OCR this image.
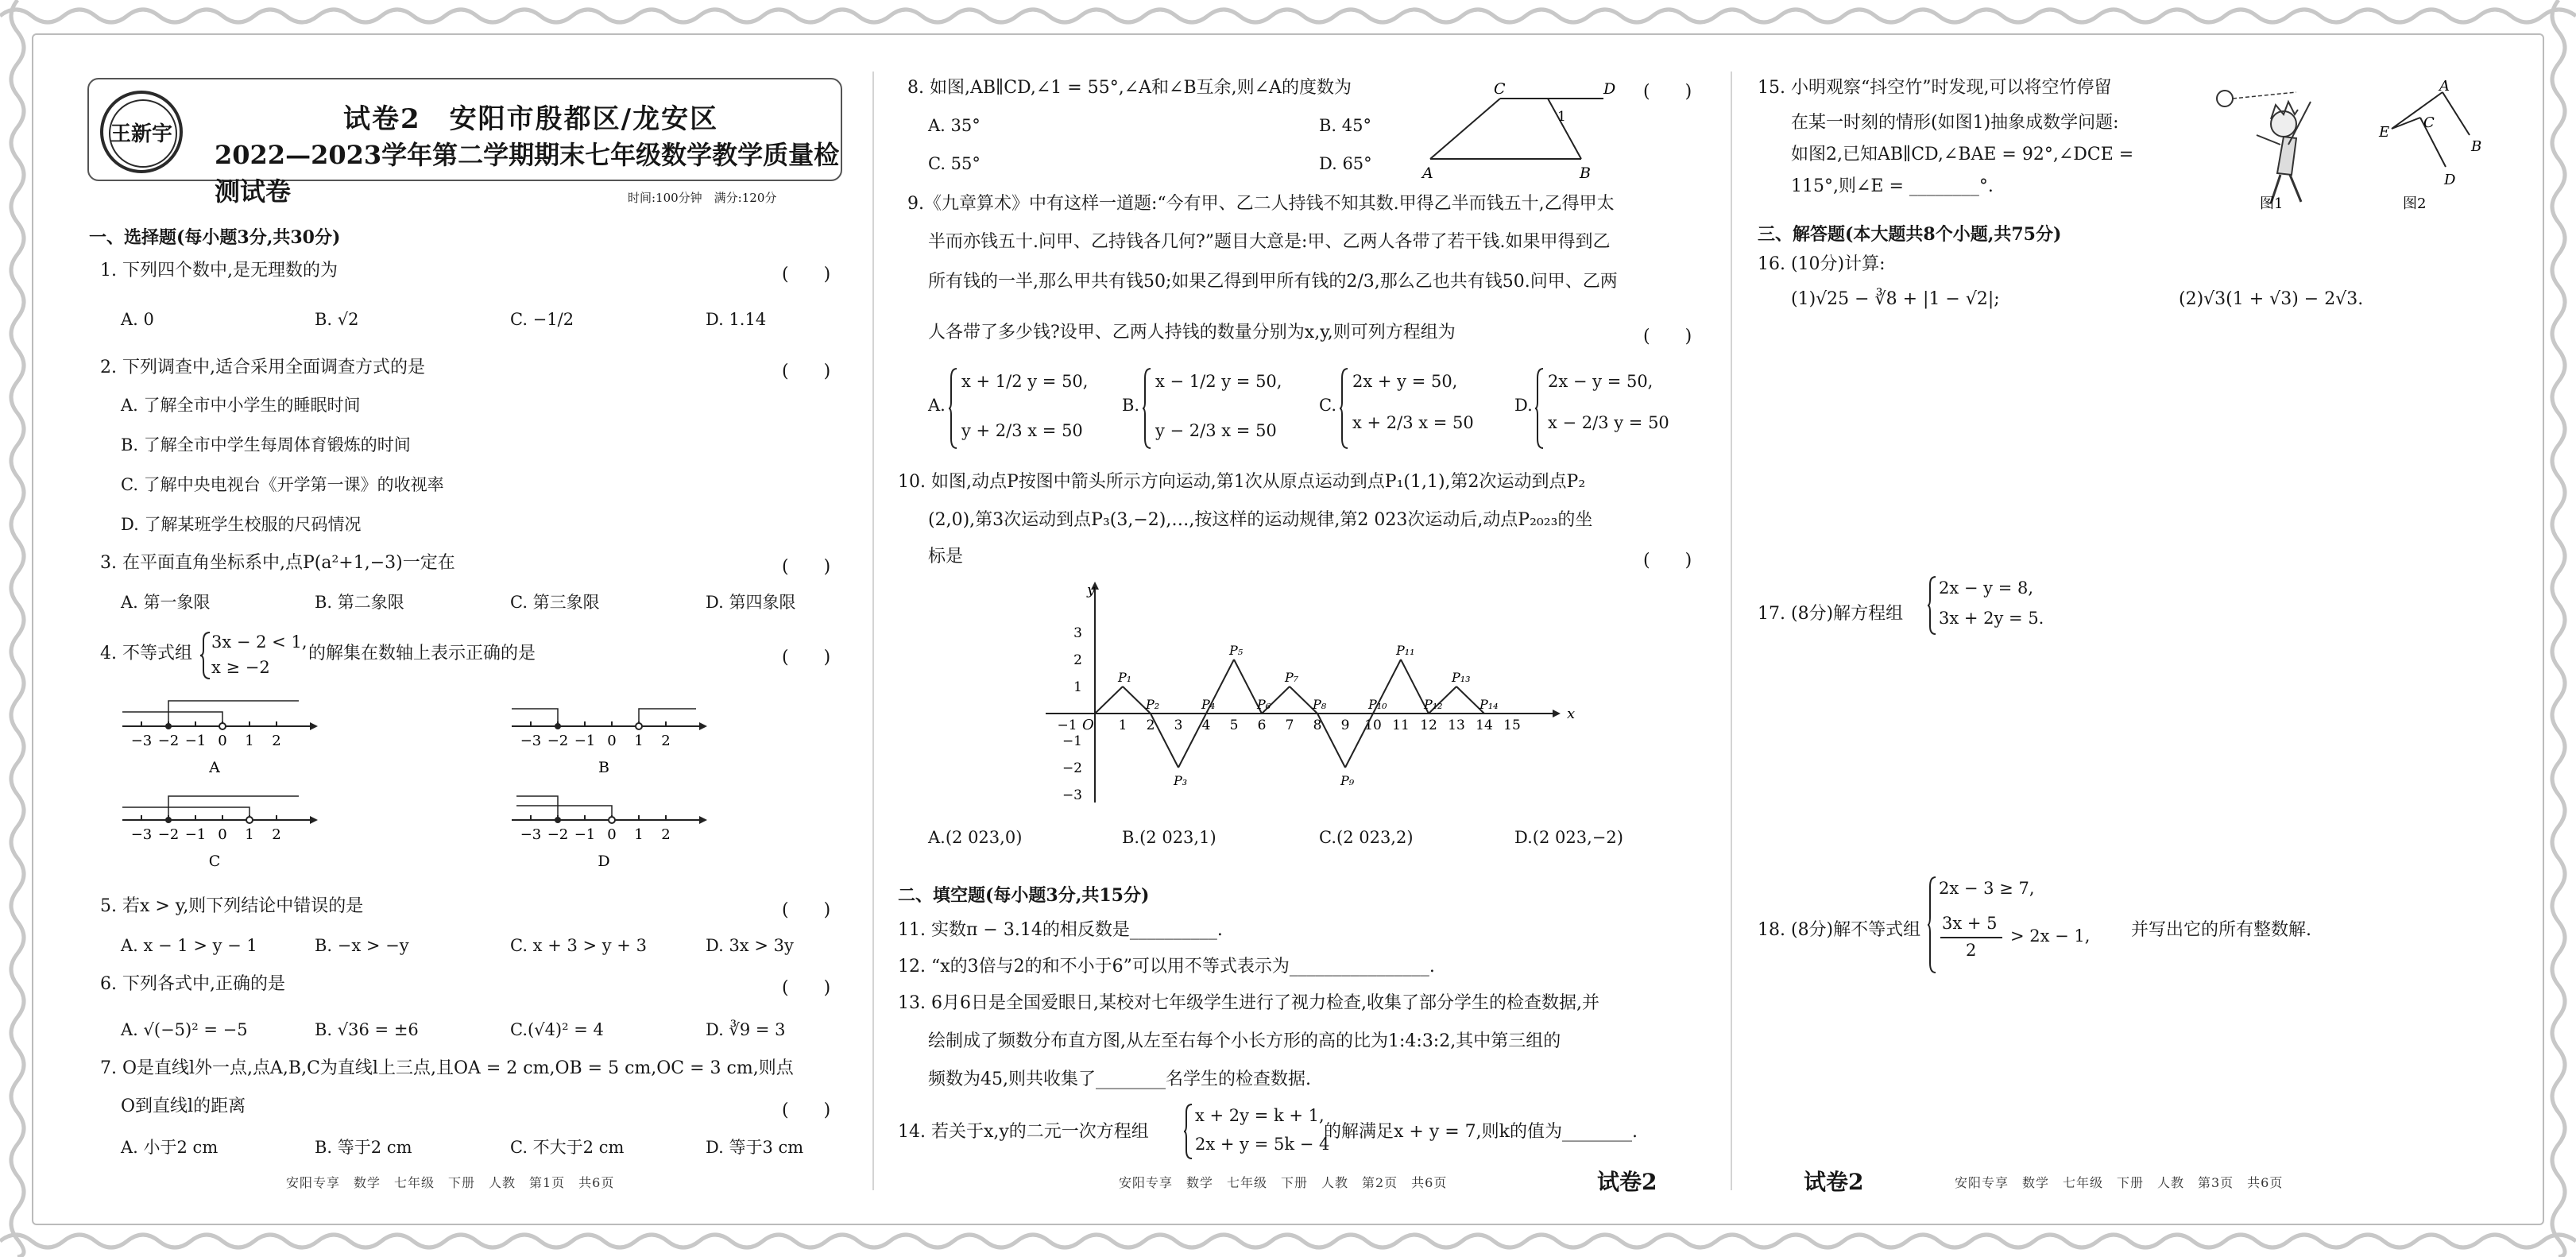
王新宇	试卷2　安阳市殷都区/龙安区
2022—2023学年第二学期期末七年级数学教学质量检测试卷	时间:100分钟　满分:120分
一、选择题(每小题3分,共30分)
1. 下列四个数中,是无理数的为	(　　)
A. 0	B. √2	C. −1/2	D. 1.14
2. 下列调查中,适合采用全面调查方式的是	(　　)
A. 了解全市中小学生的睡眠时间
B. 了解全市中学生每周体育锻炼的时间
C. 了解中央电视台《开学第一课》的收视率
D. 了解某班学生校服的尺码情况
3. 在平面直角坐标系中,点P(a²+1,−3)一定在	(　　)
A. 第一象限	B. 第二象限	C. 第三象限	D. 第四象限
4. 不等式组
3x − 2 < 1,
x ≥ −2
的解集在数轴上表示正确的是	(　　)
−3 −2 −1 0 1 2
A
−3 −2 −1 0 1 2
B
−3 −2 −1 0 1 2
C
−3 −2 −1 0 1 2
D
5. 若x > y,则下列结论中错误的是	(　　)
A. x − 1 > y − 1	B. −x > −y	C. x + 3 > y + 3	D. 3x > 3y
6. 下列各式中,正确的是	(　　)
A. √(−5)² = −5	B. √36 = ±6	C.(√4)² = 4	D. ∛9 = 3
7. O是直线l外一点,点A,B,C为直线l上三点,且OA = 2 cm,OB = 5 cm,OC = 3 cm,则点
O到直线l的距离	(　　)
A. 小于2 cm	B. 等于2 cm	C. 不大于2 cm	D. 等于3 cm
安阳专享　数学　七年级　下册　人教　第1页　共6页
8. 如图,AB∥CD,∠1 = 55°,∠A和∠B互余,则∠A的度数为	(　　)
A. 35°	B. 45°
C. 55°	D. 65°
C	D
1
A	B
9.《九章算术》中有这样一道题:“今有甲、乙二人持钱不知其数.甲得乙半而钱五十,乙得甲太
半而亦钱五十.问甲、乙持钱各几何?”题目大意是:甲、乙两人各带了若干钱.如果甲得到乙
所有钱的一半,那么甲共有钱50;如果乙得到甲所有钱的2/3,那么乙也共有钱50.问甲、乙两
人各带了多少钱?设甲、乙两人持钱的数量分别为x,y,则可列方程组为	(　　)
A.
x + 1/2 y = 50,
y + 2/3 x = 50
B.
x − 1/2 y = 50,
y − 2/3 x = 50
C.
2x + y = 50,
x + 2/3 x = 50
D.
2x − y = 50,
x − 2/3 y = 50
10. 如图,动点P按图中箭头所示方向运动,第1次从原点运动到点P₁(1,1),第2次运动到点P₂
(2,0),第3次运动到点P₃(3,−2),…,按这样的运动规律,第2 023次运动后,动点P₂₀₂₃的坐
标是	(　　)
x
y
O
−1	1 2 3 4 5 6 7 8 9 10 11 12 13 14 15
−3
−2
−1
1
2
3
P₁
P₂
P₃
P₄
P₅
P₆
P₇
P₈
P₉
P₁₀
P₁₁
P₁₂
P₁₃
P₁₄
A.(2 023,0)	B.(2 023,1)	C.(2 023,2)	D.(2 023,−2)
二、填空题(每小题3分,共15分)
11. 实数π − 3.14的相反数是__________.
12. “x的3倍与2的和不小于6”可以用不等式表示为________________.
13. 6月6日是全国爱眼日,某校对七年级学生进行了视力检查,收集了部分学生的检查数据,并
绘制成了频数分布直方图,从左至右每个小长方形的高的比为1:4:3:2,其中第三组的
频数为45,则共收集了________名学生的检查数据.
14. 若关于x,y的二元一次方程组
x + 2y = k + 1,
2x + y = 5k − 4
的解满足x + y = 7,则k的值为________.
安阳专享　数学　七年级　下册　人教　第2页　共6页	试卷2
15. 小明观察“抖空竹”时发现,可以将空竹停留
在某一时刻的情形(如图1)抽象成数学问题:
如图2,已知AB∥CD,∠BAE = 92°,∠DCE =
115°,则∠E = ________°.
图1
A
E
C
B
D
图2
三、解答题(本大题共8个小题,共75分)
16. (10分)计算:
(1)√25 − ∛8 + |1 − √2|;	(2)√3(1 + √3) − 2√3.
17. (8分)解方程组
2x − y = 8,
3x + 2y = 5.
18. (8分)解不等式组
2x − 3 ≥ 7,
3x + 5
2
> 2x − 1, 并写出它的所有整数解.
试卷2	安阳专享　数学　七年级　下册　人教　第3页　共6页
